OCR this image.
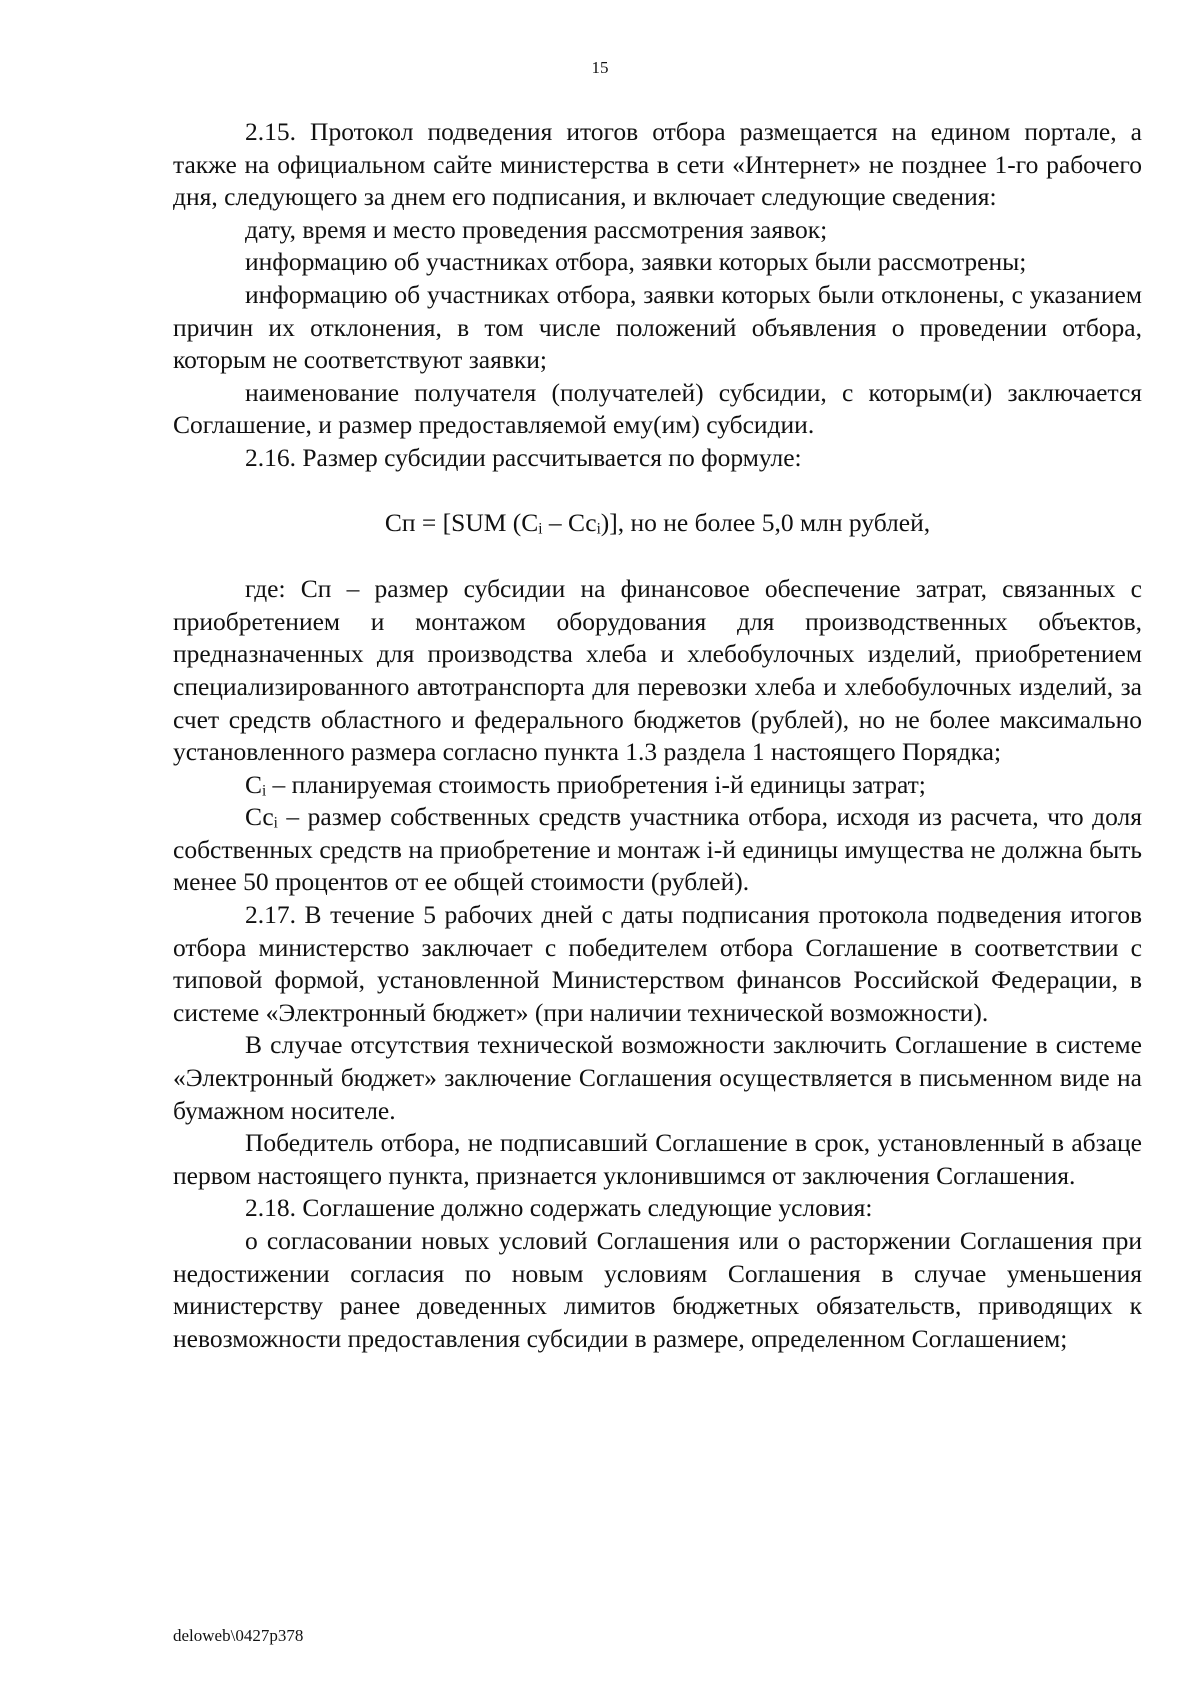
15

2.15. Протокол подведения итогов отбора размещается на едином портале, а также на официальном сайте министерства в сети «Интернет» не позднее 1-го рабочего дня, следующего за днем его подписания, и включает следующие сведения:

дату, время и место проведения рассмотрения заявок;

информацию об участниках отбора, заявки которых были рассмотрены;

информацию об участниках отбора, заявки которых были отклонены, с указанием причин их отклонения, в том числе положений объявления о проведении отбора, которым не соответствуют заявки;

наименование получателя (получателей) субсидии, с которым(и) заключается Соглашение, и размер предоставляемой ему(им) субсидии.

2.16. Размер субсидии рассчитывается по формуле:

Сп = [SUM (Сᵢ – Ссᵢ)], но не более 5,0 млн рублей,

где: Сп – размер субсидии на финансовое обеспечение затрат, связанных с приобретением и монтажом оборудования для производственных объектов, предназначенных для производства хлеба и хлебобулочных изделий, приобретением специализированного автотранспорта для перевозки хлеба и хлебобулочных изделий, за счет средств областного и федерального бюджетов (рублей), но не более максимально установленного размера согласно пункта 1.3 раздела 1 настоящего Порядка;

Сᵢ – планируемая стоимость приобретения i-й единицы затрат;

Ссᵢ – размер собственных средств участника отбора, исходя из расчета, что доля собственных средств на приобретение и монтаж i-й единицы имущества не должна быть менее 50 процентов от ее общей стоимости (рублей).

2.17. В течение 5 рабочих дней с даты подписания протокола подведения итогов отбора министерство заключает с победителем отбора Соглашение в соответствии с типовой формой, установленной Министерством финансов Российской Федерации, в системе «Электронный бюджет» (при наличии технической возможности).

В случае отсутствия технической возможности заключить Соглашение в системе «Электронный бюджет» заключение Соглашения осуществляется в письменном виде на бумажном носителе.

Победитель отбора, не подписавший Соглашение в срок, установленный в абзаце первом настоящего пункта, признается уклонившимся от заключения Соглашения.

2.18. Соглашение должно содержать следующие условия:

о согласовании новых условий Соглашения или о расторжении Соглашения при недостижении согласия по новым условиям Соглашения в случае уменьшения министерству ранее доведенных лимитов бюджетных обязательств, приводящих к невозможности предоставления субсидии в размере, определенном Соглашением;

deloweb\0427p378
